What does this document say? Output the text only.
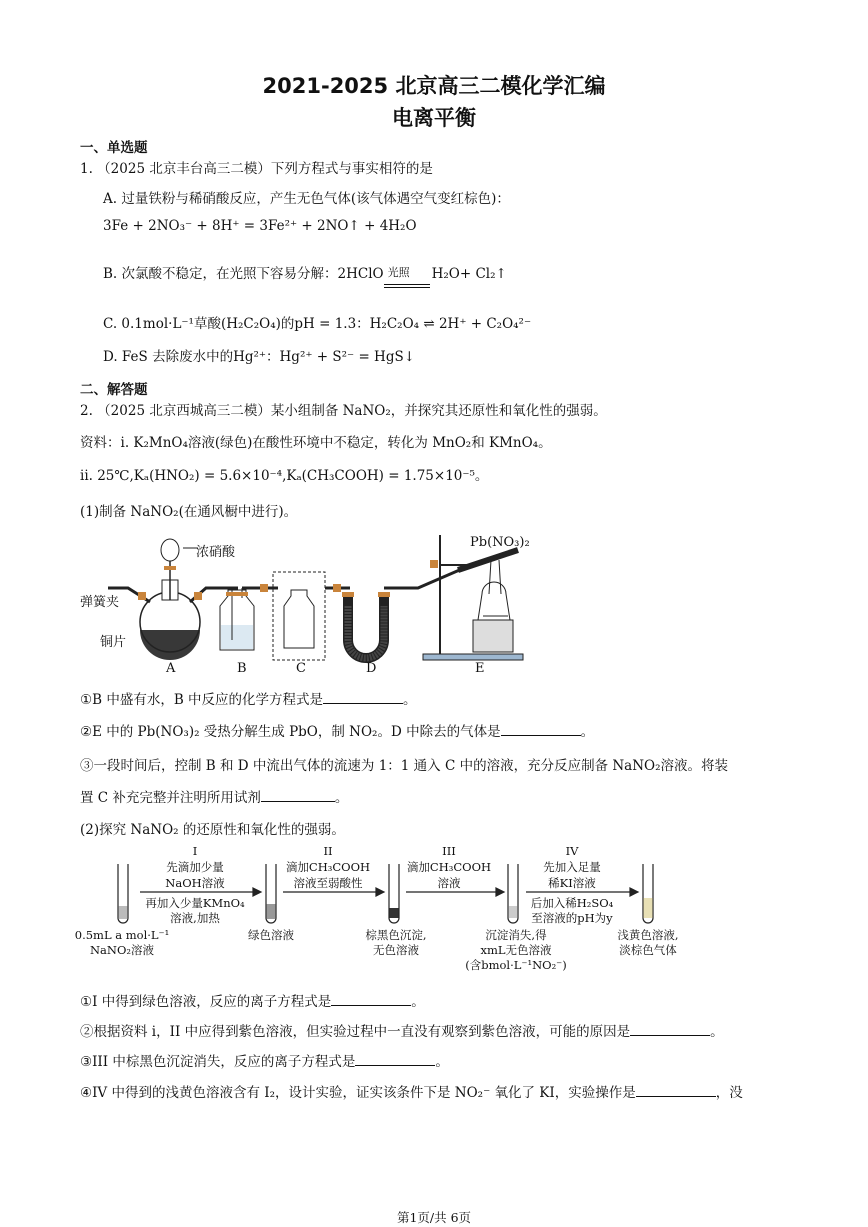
2021-2025 北京高三二模化学汇编
电离平衡
一、单选题
1. （2025 北京丰台高三二模）下列方程式与事实相符的是
A. 过量铁粉与稀硝酸反应，产生无色气体(该气体遇空气变红棕色)：
3Fe + 2NO₃⁻ + 8H⁺ = 3Fe²⁺ + 2NO↑ + 4H₂O
B. 次氯酸不稳定，在光照下容易分解：2HClO 光照 H₂O+ Cl₂↑
C. 0.1mol·L⁻¹草酸(H₂C₂O₄)的pH = 1.3：H₂C₂O₄ ⇌ 2H⁺ + C₂O₄²⁻
D. FeS 去除废水中的Hg²⁺：Hg²⁺ + S²⁻ = HgS↓
二、解答题
2. （2025 北京西城高三二模）某小组制备 NaNO₂，并探究其还原性和氧化性的强弱。
资料：i. K₂MnO₄溶液(绿色)在酸性环境中不稳定，转化为 MnO₂和 KMnO₄。
ii. 25℃,Kₐ(HNO₂) = 5.6×10⁻⁴,Kₐ(CH₃COOH) = 1.75×10⁻⁵。
(1)制备 NaNO₂(在通风橱中进行)。
浓硝酸
弹簧夹
铜片
Pb(NO₃)₂
A	B	C	D	E
①B 中盛有水，B 中反应的化学方程式是	。
②E 中的 Pb(NO₃)₂ 受热分解生成 PbO，制 NO₂。D 中除去的气体是	。
③一段时间后，控制 B 和 D 中流出气体的流速为 1：1 通入 C 中的溶液，充分反应制备 NaNO₂溶液。将装
置 C 补充完整并注明所用试剂	。
(2)探究 NaNO₂ 的还原性和氧化性的强弱。
I
先滴加少量
NaOH溶液
再加入少量KMnO₄
溶液,加热
II
滴加CH₃COOH
溶液至弱酸性
III
滴加CH₃COOH
溶液
IV
先加入足量
稀KI溶液
后加入稀H₂SO₄
至溶液的pH为y
0.5mL a mol·L⁻¹
NaNO₂溶液
绿色溶液	棕黑色沉淀,
无色溶液
沉淀消失,得
xmL无色溶液
(含bmol·L⁻¹NO₂⁻)
浅黄色溶液,
淡棕色气体
①I 中得到绿色溶液，反应的离子方程式是	。
②根据资料 i，II 中应得到紫色溶液，但实验过程中一直没有观察到紫色溶液，可能的原因是	。
③III 中棕黑色沉淀消失，反应的离子方程式是	。
④IV 中得到的浅黄色溶液含有 I₂，设计实验，证实该条件下是 NO₂⁻ 氧化了 KI，实验操作是	，没
第1页/共 6页
